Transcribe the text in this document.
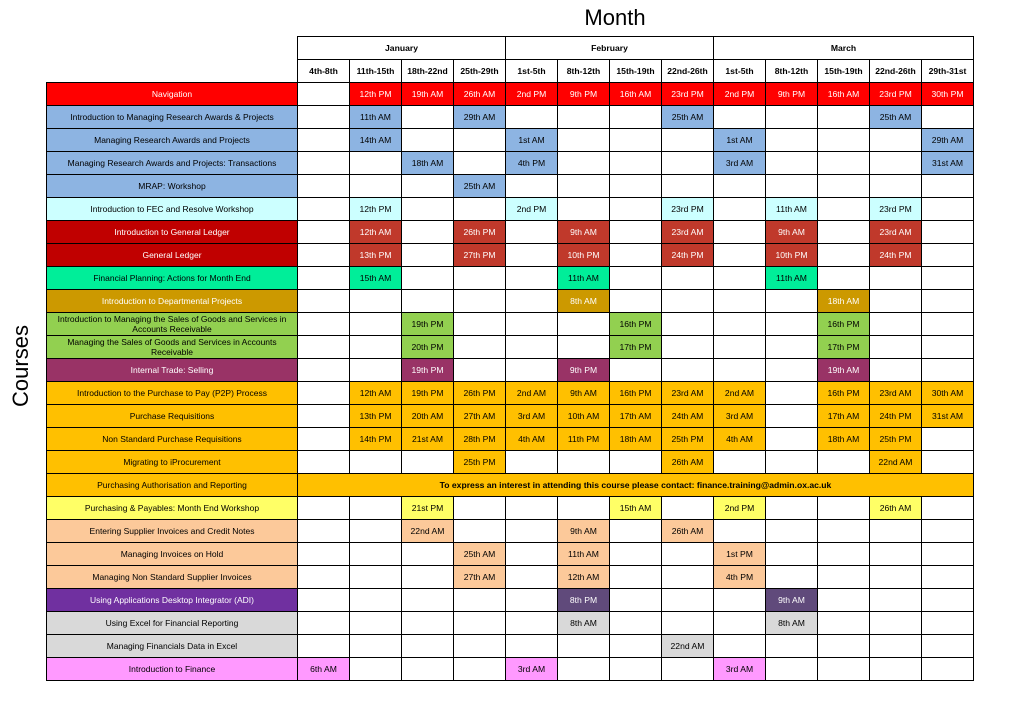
Month
Courses
	January				February				March				
	4th-8th	11th-15th	18th-22nd	25th-29th	1st-5th	8th-12th	15th-19th	22nd-26th	1st-5th	8th-12th	15th-19th	22nd-26th	29th-31st
Navigation		12th PM	19th AM	26th AM	2nd PM	9th PM	16th AM	23rd PM	2nd PM	9th PM	16th AM	23rd PM	30th PM
Introduction to Managing Research Awards & Projects		11th AM		29th AM				25th AM				25th AM	
Managing Research Awards and Projects		14th AM			1st AM				1st AM				29th AM
Managing Research Awards and Projects: Transactions			18th AM		4th PM				3rd AM				31st AM
MRAP: Workshop				25th AM									
Introduction to FEC and Resolve Workshop		12th PM			2nd PM			23rd PM		11th AM		23rd PM	
Introduction to General Ledger		12th AM		26th PM		9th AM		23rd AM		9th AM		23rd AM	
General Ledger		13th PM		27th PM		10th PM		24th PM		10th PM		24th PM	
Financial Planning: Actions for Month End		15th AM				11th AM				11th AM			
Introduction to Departmental Projects						8th AM					18th AM		
Introduction to Managing the Sales of Goods and Services in Accounts Receivable			19th PM				16th PM				16th PM		
Managing the Sales of Goods and Services in Accounts Receivable			20th PM				17th PM				17th PM		
Internal Trade: Selling			19th PM			9th PM					19th AM		
Introduction to the Purchase to Pay (P2P) Process		12th AM	19th PM	26th PM	2nd AM	9th AM	16th PM	23rd AM	2nd AM		16th PM	23rd AM	30th AM
Purchase Requisitions		13th PM	20th AM	27th AM	3rd AM	10th AM	17th AM	24th AM	3rd AM		17th AM	24th PM	31st AM
Non Standard Purchase Requisitions		14th PM	21st AM	28th PM	4th AM	11th PM	18th AM	25th PM	4th AM		18th AM	25th PM	
Migrating to iProcurement				25th PM				26th AM				22nd AM	
Purchasing Authorisation and Reporting	To express an interest in attending this course please contact: finance.training@admin.ox.ac.uk												
Purchasing & Payables: Month End Workshop			21st PM				15th AM		2nd PM			26th AM	
Entering Supplier Invoices and Credit Notes			22nd AM			9th AM		26th AM					
Managing Invoices on Hold				25th AM		11th AM			1st PM				
Managing Non Standard Supplier Invoices				27th AM		12th AM			4th PM				
Using Applications Desktop Integrator (ADI)						8th PM				9th AM			
Using Excel for Financial Reporting						8th AM				8th AM			
Managing Financials Data in Excel								22nd AM					
Introduction to Finance	6th AM				3rd AM				3rd AM				
